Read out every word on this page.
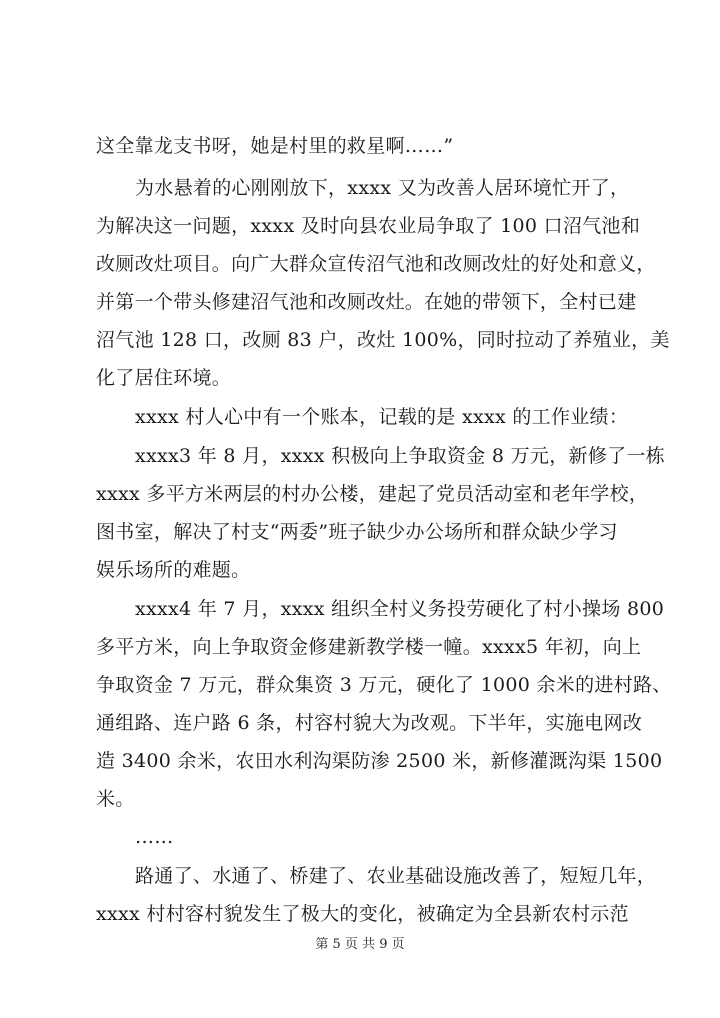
这全靠龙支书呀，她是村里的救星啊……”
为水悬着的心刚刚放下，xxxx 又为改善人居环境忙开了，
为解决这一问题，xxxx 及时向县农业局争取了 100 口沼气池和
改厕改灶项目。向广大群众宣传沼气池和改厕改灶的好处和意义，
并第一个带头修建沼气池和改厕改灶。在她的带领下，全村已建
沼气池 128 口，改厕 83 户，改灶 100%，同时拉动了养殖业，美
化了居住环境。
xxxx 村人心中有一个账本，记载的是 xxxx 的工作业绩：
xxxx3 年 8 月，xxxx 积极向上争取资金 8 万元，新修了一栋
xxxx 多平方米两层的村办公楼，建起了党员活动室和老年学校，
图书室，解决了村支“两委”班子缺少办公场所和群众缺少学习
娱乐场所的难题。
xxxx4 年 7 月，xxxx 组织全村义务投劳硬化了村小操场 800
多平方米，向上争取资金修建新教学楼一幢。xxxx5 年初，向上
争取资金 7 万元，群众集资 3 万元，硬化了 1000 余米的进村路、
通组路、连户路 6 条，村容村貌大为改观。下半年，实施电网改
造 3400 余米，农田水利沟渠防渗 2500 米，新修灌溉沟渠 1500
米。
……
路通了、水通了、桥建了、农业基础设施改善了，短短几年，
xxxx 村村容村貌发生了极大的变化，被确定为全县新农村示范
第 5 页 共 9 页
